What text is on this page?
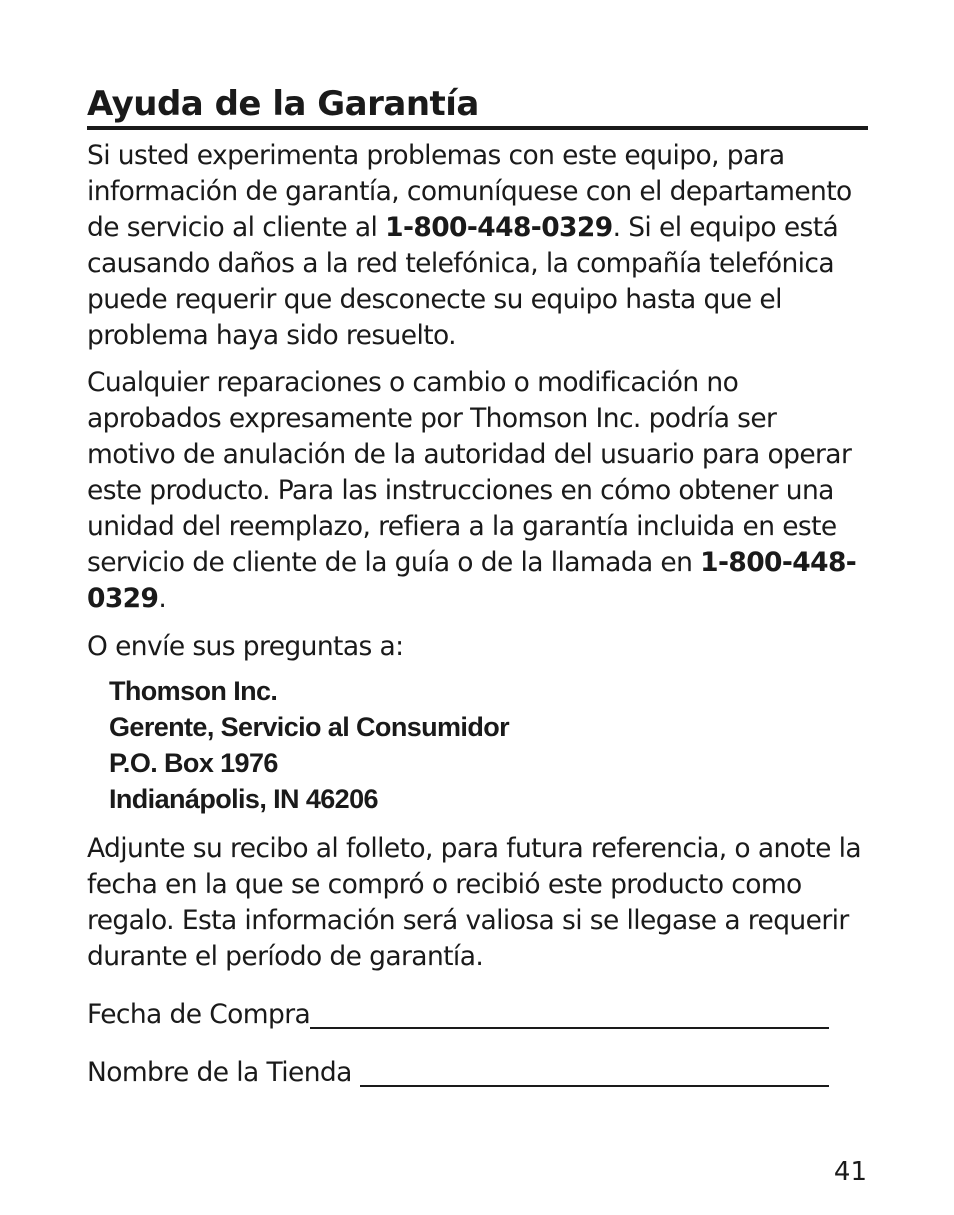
Ayuda de la Garantía

Si usted experimenta problemas con este equipo, para información de garantía, comuníquese con el departamento de servicio al cliente al 1-800-448-0329. Si el equipo está causando daños a la red telefónica, la compañía telefónica puede requerir que desconecte su equipo hasta que el problema haya sido resuelto.

Cualquier reparaciones o cambio o modificación no aprobados expresamente por Thomson Inc. podría ser motivo de anulación de la autoridad del usuario para operar este producto. Para las instrucciones en cómo obtener una unidad del reemplazo, refiera a la garantía incluida en este servicio de cliente de la guía o de la llamada en 1-800-448-0329.

O envíe sus preguntas a:

Thomson Inc.
Gerente, Servicio al Consumidor
P.O. Box 1976
Indianápolis, IN 46206

Adjunte su recibo al folleto, para futura referencia, o anote la fecha en la que se compró o recibió este producto como regalo. Esta información será valiosa si se llegase a requerir durante el período de garantía.

Fecha de Compra
Nombre de la Tienda
41
